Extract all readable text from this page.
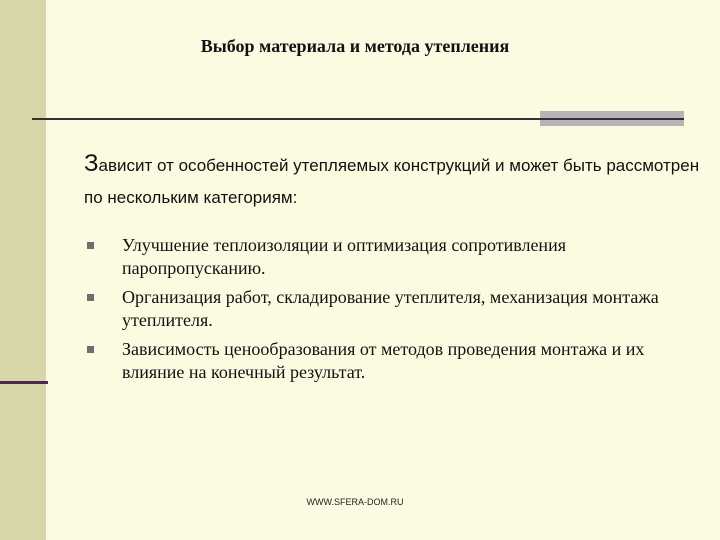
Выбор материала и метода утепления
Зависит от особенностей утепляемых конструкций и может быть рассмотрен по нескольким категориям:
Улучшение теплоизоляции и оптимизация сопротивления паропропусканию.
Организация работ, складирование утеплителя, механизация монтажа утеплителя.
Зависимость ценообразования от методов проведения монтажа и их влияние на конечный результат.
WWW.SFERA-DOM.RU
